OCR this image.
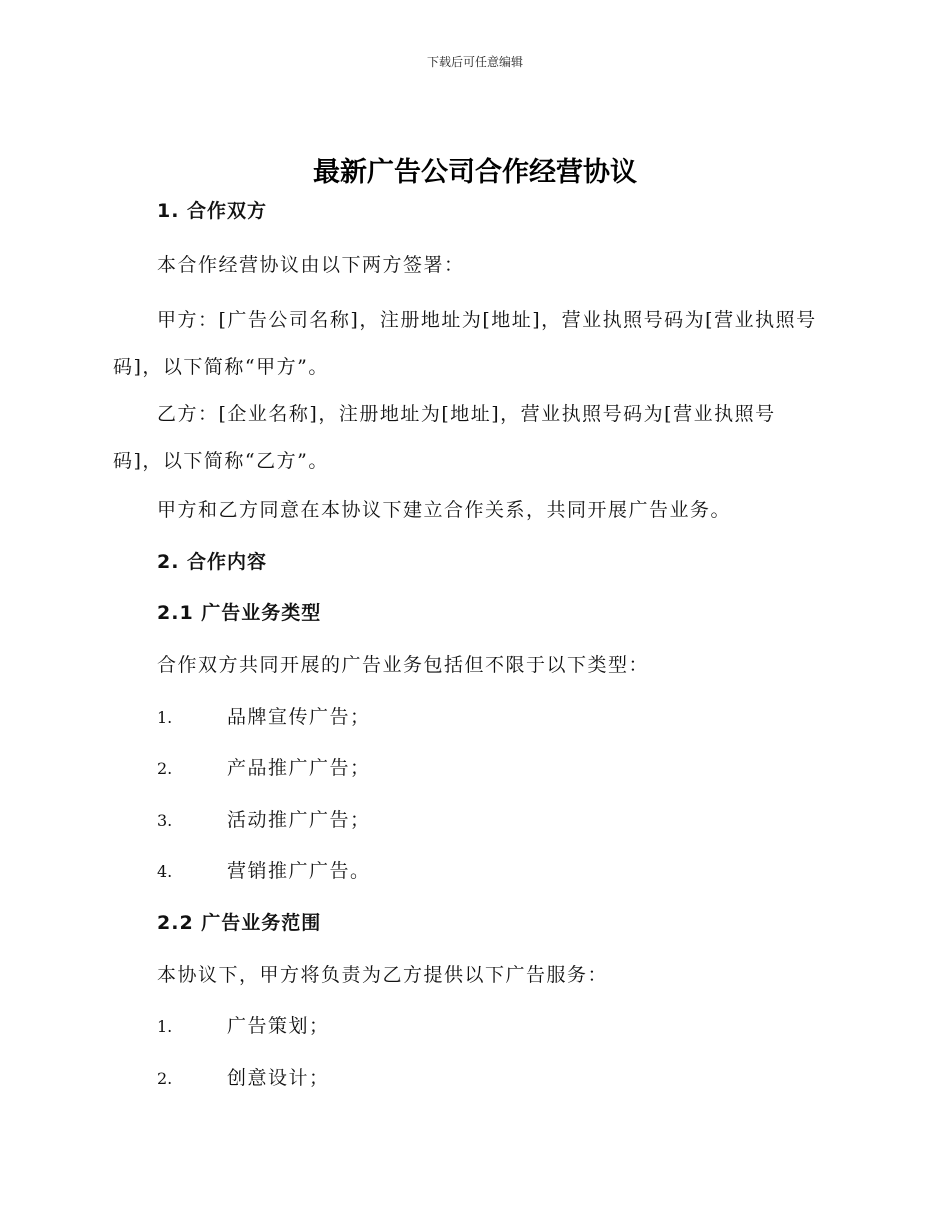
下载后可任意编辑
最新广告公司合作经营协议
1. 合作双方
本合作经营协议由以下两方签署：
甲方：[广告公司名称]，注册地址为[地址]，营业执照号码为[营业执照号
码]，以下简称“甲方”。
乙方：[企业名称]，注册地址为[地址]，营业执照号码为[营业执照号
码]，以下简称“乙方”。
甲方和乙方同意在本协议下建立合作关系，共同开展广告业务。
2. 合作内容
2.1 广告业务类型
合作双方共同开展的广告业务包括但不限于以下类型：
1.	品牌宣传广告；
2.	产品推广广告；
3.	活动推广广告；
4.	营销推广广告。
2.2 广告业务范围
本协议下，甲方将负责为乙方提供以下广告服务：
1.	广告策划；
2.	创意设计；
